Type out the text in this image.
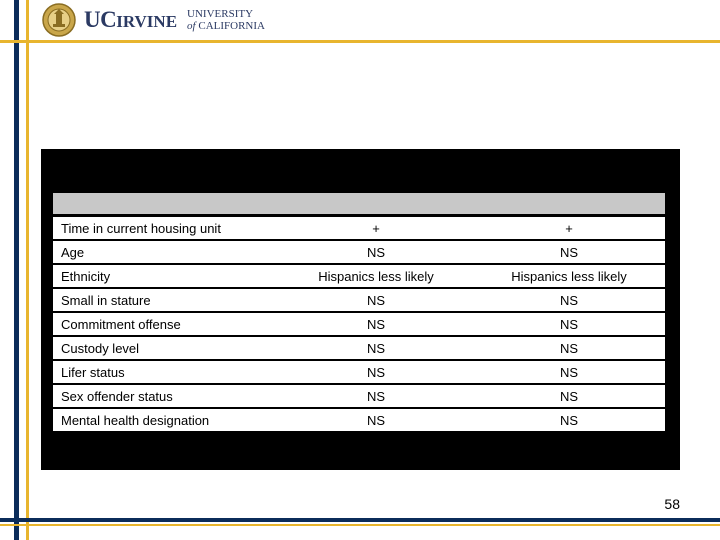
UCIRVINE UNIVERSITY
of CALIFORNIA
Time in current housing unit	+	+
Age	NS	NS
Ethnicity	Hispanics less likely	Hispanics less likely
Small in stature	NS	NS
Commitment offense	NS	NS
Custody level	NS	NS
Lifer status	NS	NS
Sex offender status	NS	NS
Mental health designation	NS	NS
58
